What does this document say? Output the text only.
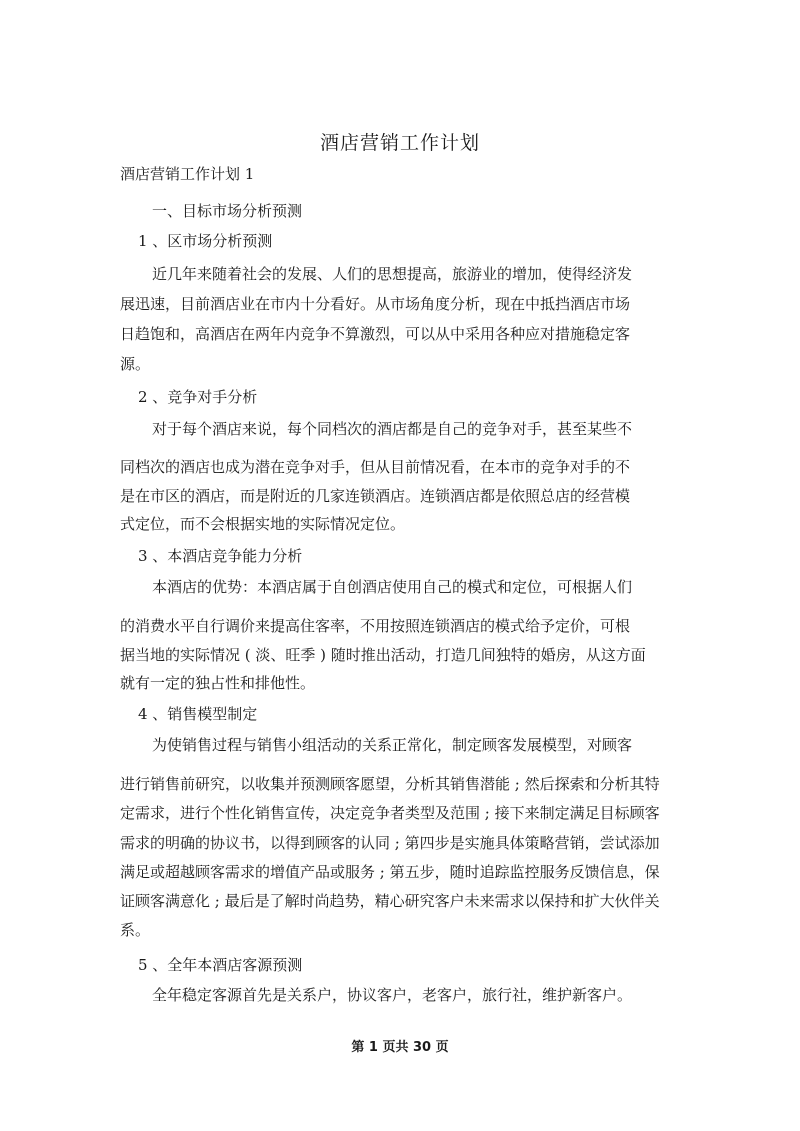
酒店营销工作计划
酒店营销工作计划 1
一、目标市场分析预测
1 、区市场分析预测
近几年来随着社会的发展、人们的思想提高，旅游业的增加，使得经济发
展迅速，目前酒店业在市内十分看好。从市场角度分析，现在中抵挡酒店市场
日趋饱和，高酒店在两年内竞争不算激烈，可以从中采用各种应对措施稳定客
源。
2 、竞争对手分析
对于每个酒店来说，每个同档次的酒店都是自己的竞争对手，甚至某些不
同档次的酒店也成为潜在竞争对手，但从目前情况看，在本市的竞争对手的不
是在市区的酒店，而是附近的几家连锁酒店。连锁酒店都是依照总店的经营模
式定位，而不会根据实地的实际情况定位。
3 、本酒店竞争能力分析
本酒店的优势：本酒店属于自创酒店使用自己的模式和定位，可根据人们
的消费水平自行调价来提高住客率，不用按照连锁酒店的模式给予定价，可根
据当地的实际情况 ( 淡、旺季 ) 随时推出活动，打造几间独特的婚房，从这方面
就有一定的独占性和排他性。
4 、销售模型制定
为使销售过程与销售小组活动的关系正常化，制定顾客发展模型，对顾客
进行销售前研究，以收集并预测顾客愿望，分析其销售潜能 ; 然后探索和分析其特
定需求，进行个性化销售宣传，决定竞争者类型及范围 ; 接下来制定满足目标顾客
需求的明确的协议书，以得到顾客的认同 ; 第四步是实施具体策略营销，尝试添加
满足或超越顾客需求的增值产品或服务 ; 第五步，随时追踪监控服务反馈信息，保
证顾客满意化 ; 最后是了解时尚趋势，精心研究客户未来需求以保持和扩大伙伴关
系。
5 、全年本酒店客源预测
全年稳定客源首先是关系户，协议客户，老客户，旅行社，维护新客户。
第 1 页共 30 页
